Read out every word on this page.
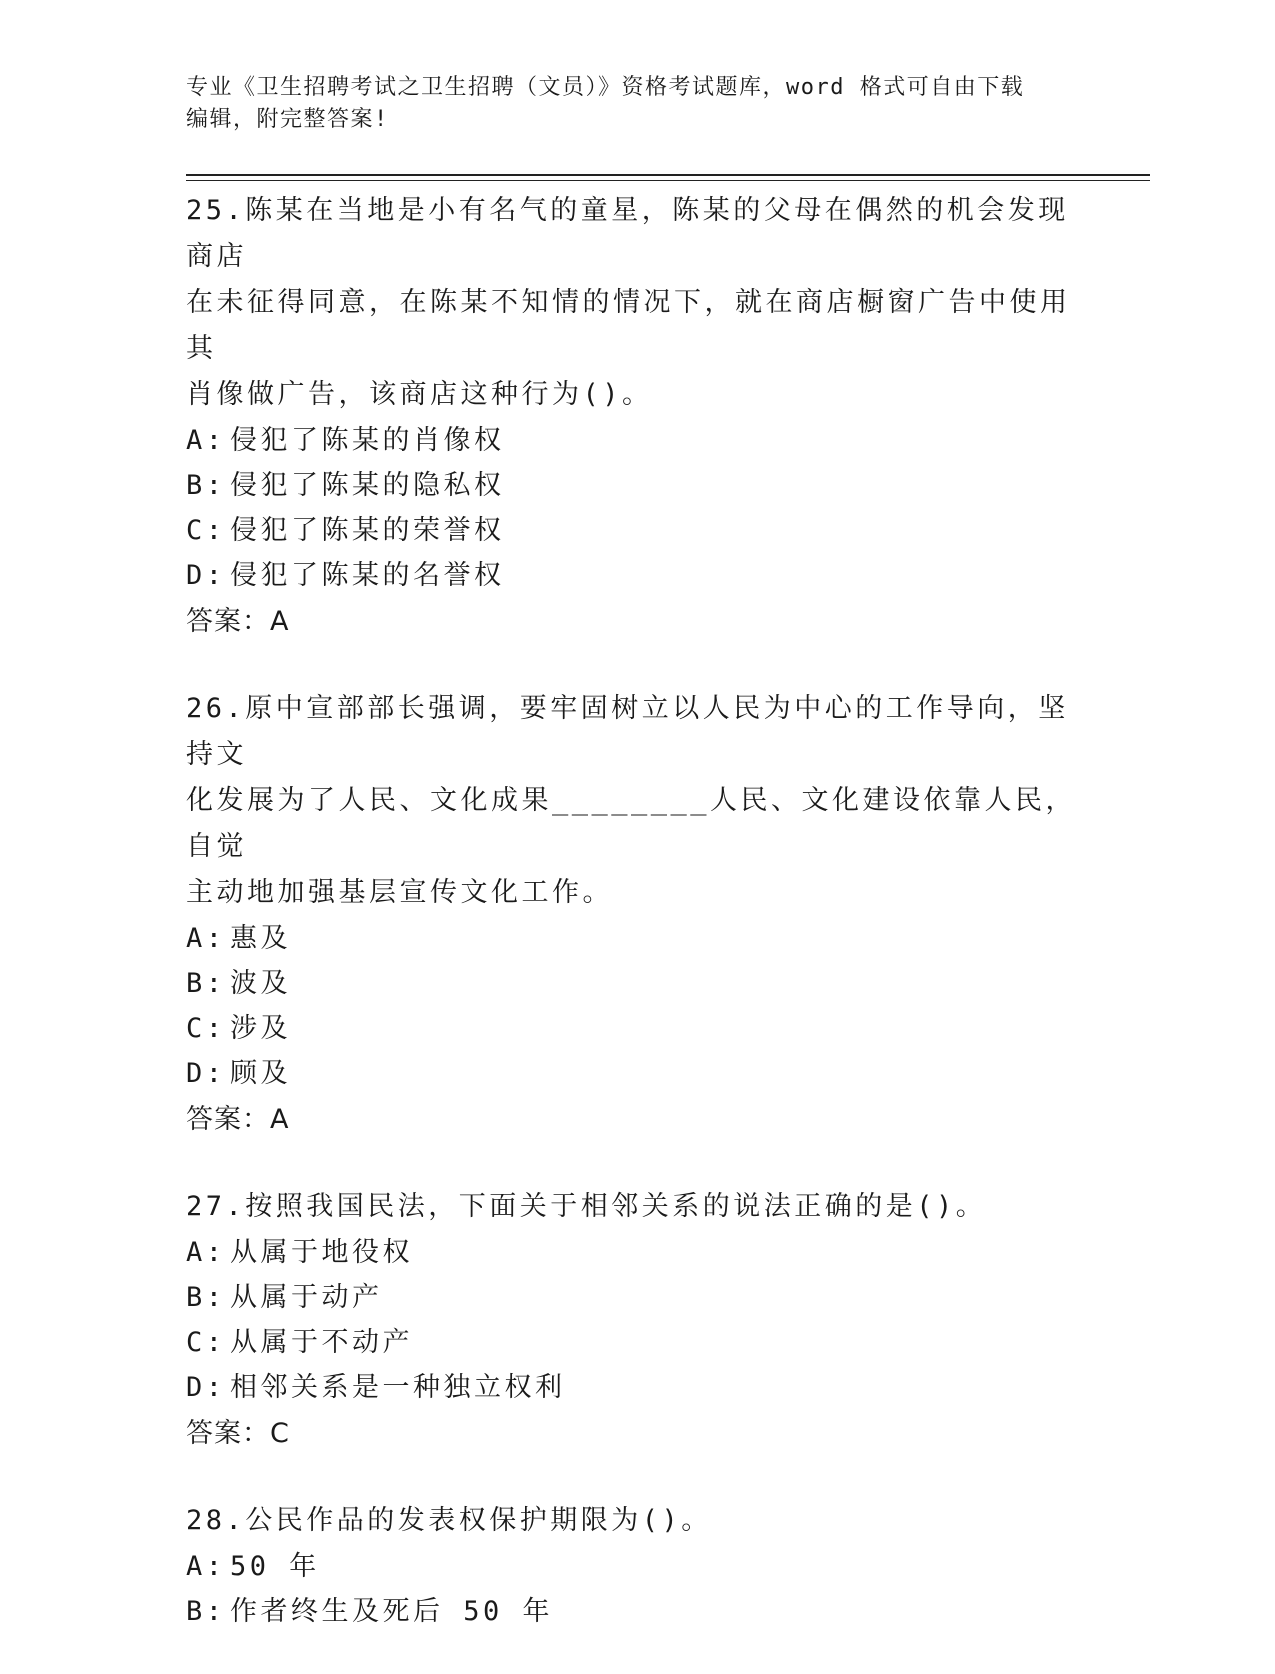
专业《卫生招聘考试之卫生招聘（文员）》资格考试题库，word 格式可自由下载
编辑，附完整答案!

25.陈某在当地是小有名气的童星，陈某的父母在偶然的机会发现商店

在未征得同意，在陈某不知情的情况下，就在商店橱窗广告中使用其

肖像做广告，该商店这种行为()。

A: 侵犯了陈某的肖像权

B: 侵犯了陈某的隐私权

C: 侵犯了陈某的荣誉权

D: 侵犯了陈某的名誉权

答案：A

26.原中宣部部长强调，要牢固树立以人民为中心的工作导向，坚持文

化发展为了人民、文化成果________人民、文化建设依靠人民，自觉

主动地加强基层宣传文化工作。

A: 惠及

B: 波及

C: 涉及

D: 顾及

答案：A

27.按照我国民法，下面关于相邻关系的说法正确的是()。

A: 从属于地役权

B: 从属于动产

C: 从属于不动产

D: 相邻关系是一种独立权利

答案：C

28.公民作品的发表权保护期限为()。

A: 50 年

B: 作者终生及死后 50 年
